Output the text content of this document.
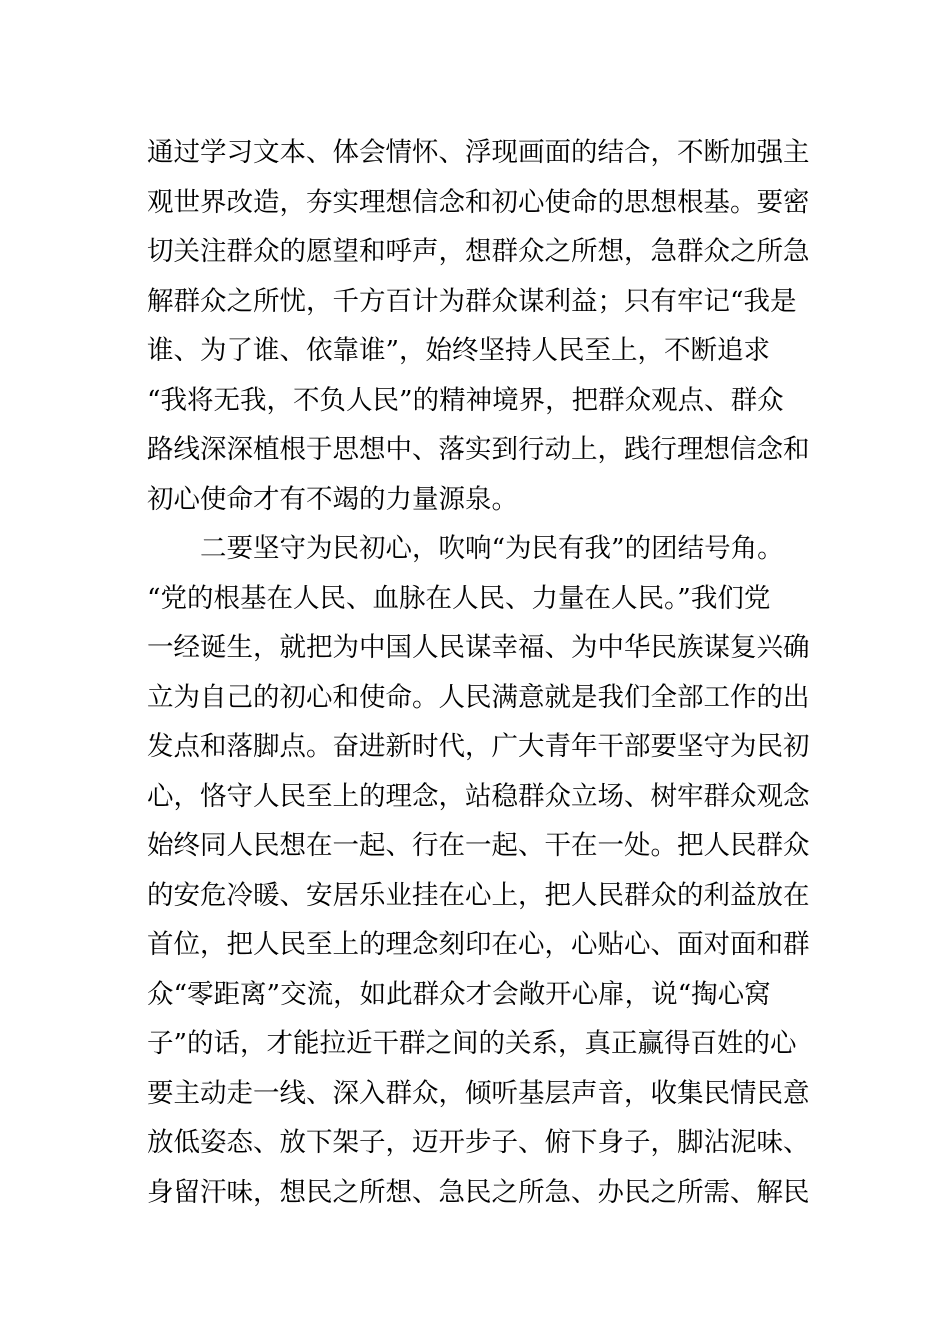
通过学习文本、体会情怀、浮现画面的结合，不断加强主
观世界改造，夯实理想信念和初心使命的思想根基。要密
切关注群众的愿望和呼声，想群众之所想，急群众之所急
解群众之所忧，千方百计为群众谋利益；只有牢记“我是
谁、为了谁、依靠谁”，始终坚持人民至上，不断追求
“我将无我，不负人民”的精神境界，把群众观点、群众
路线深深植根于思想中、落实到行动上，践行理想信念和
初心使命才有不竭的力量源泉。
　　二要坚守为民初心，吹响“为民有我”的团结号角。
“党的根基在人民、血脉在人民、力量在人民。”我们党
一经诞生，就把为中国人民谋幸福、为中华民族谋复兴确
立为自己的初心和使命。人民满意就是我们全部工作的出
发点和落脚点。奋进新时代，广大青年干部要坚守为民初
心，恪守人民至上的理念，站稳群众立场、树牢群众观念
始终同人民想在一起、行在一起、干在一处。把人民群众
的安危冷暖、安居乐业挂在心上，把人民群众的利益放在
首位，把人民至上的理念刻印在心，心贴心、面对面和群
众“零距离”交流，如此群众才会敞开心扉，说“掏心窝
子”的话，才能拉近干群之间的关系，真正赢得百姓的心
要主动走一线、深入群众，倾听基层声音，收集民情民意
放低姿态、放下架子，迈开步子、俯下身子，脚沾泥味、
身留汗味，想民之所想、急民之所急、办民之所需、解民
